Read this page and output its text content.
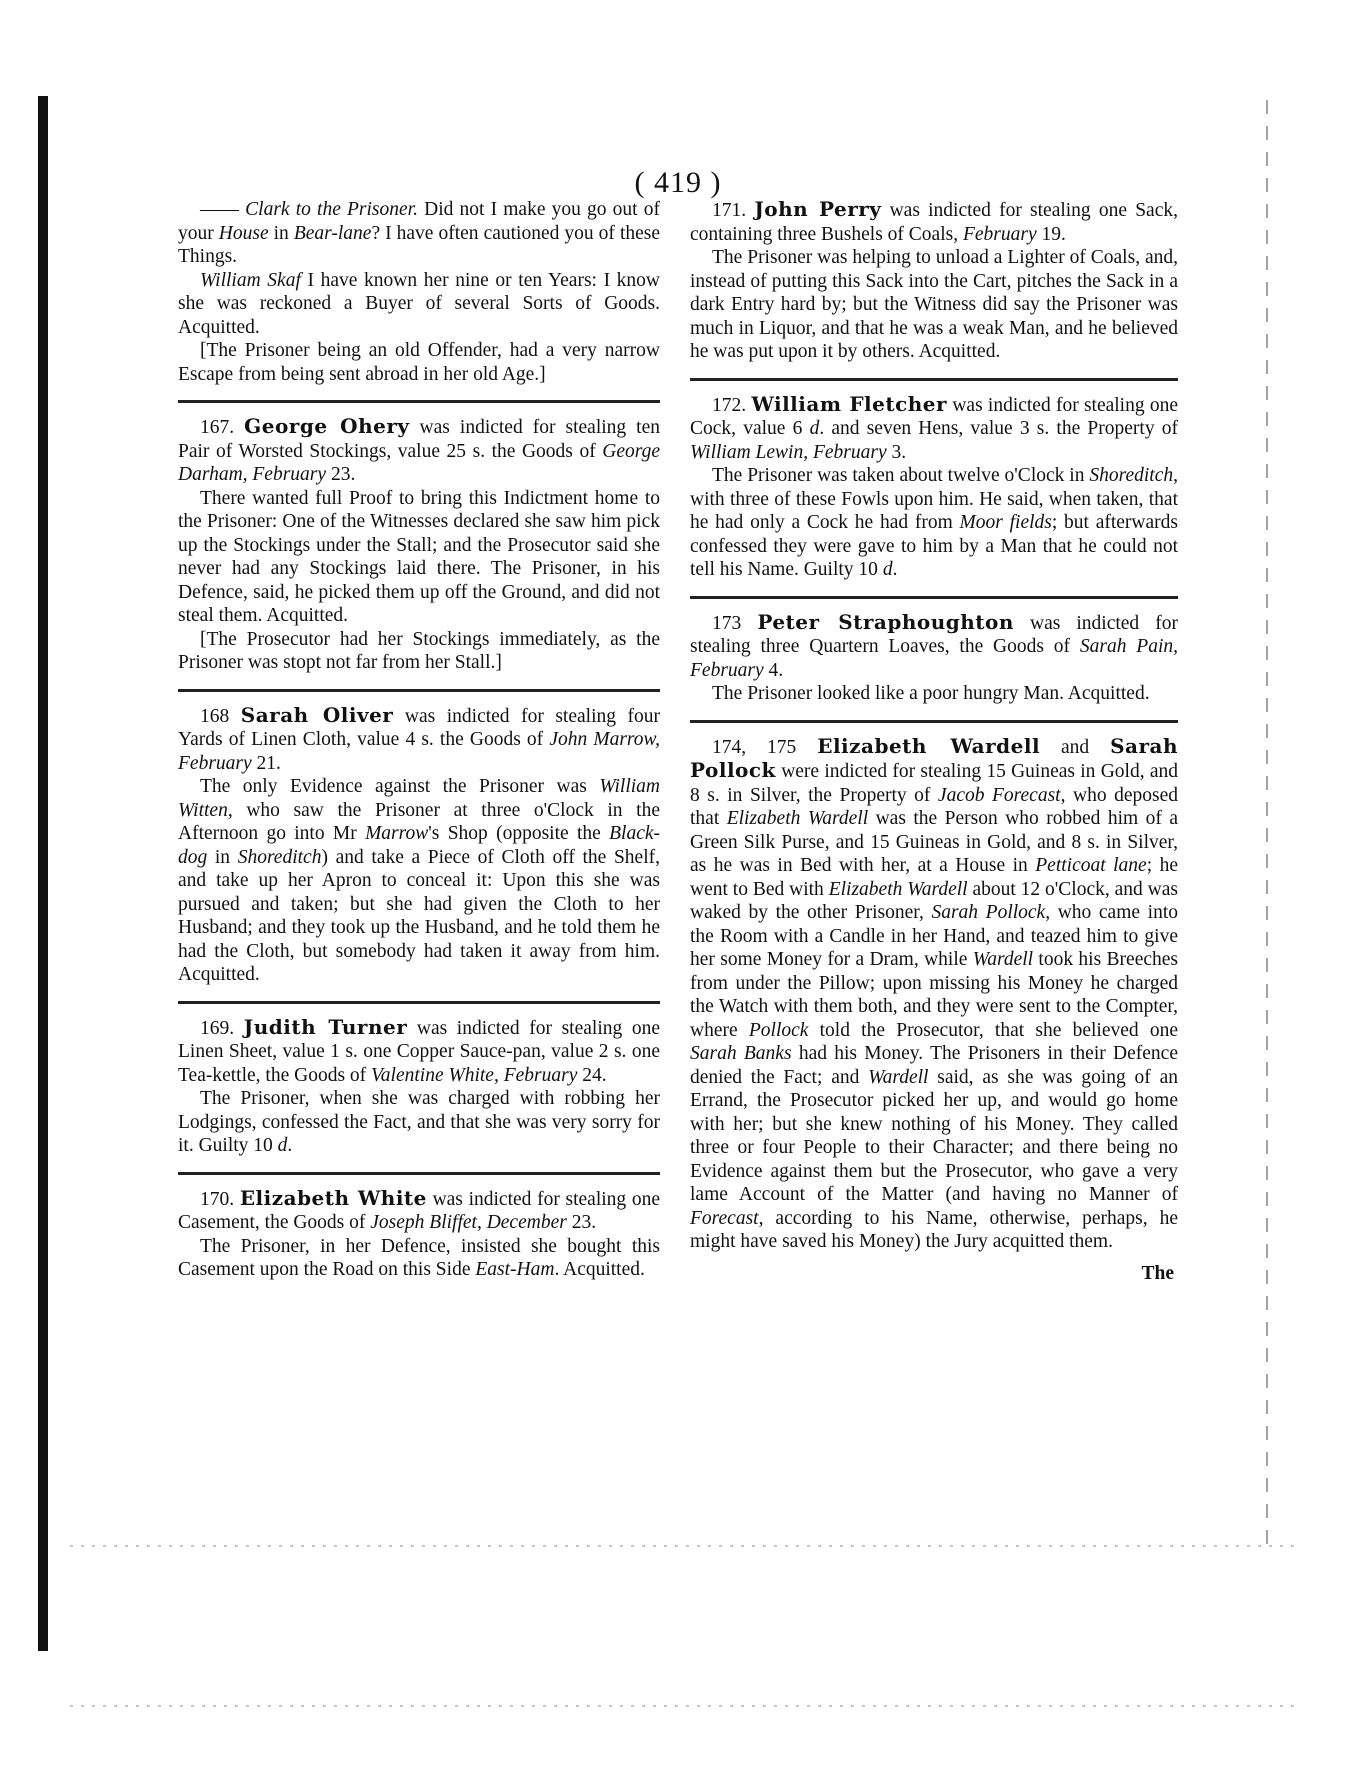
( 419 )

—— Clark to the Prisoner. Did not I make you go out of your House in Bear-lane? I have often cautioned you of these Things.

William Skaf I have known her nine or ten Years: I know she was reckoned a Buyer of several Sorts of Goods. Acquitted.

[The Prisoner being an old Offender, had a very narrow Escape from being sent abroad in her old Age.]

167. George Ohery was indicted for stealing ten Pair of Worsted Stockings, value 25 s. the Goods of George Darham, February 23.

There wanted full Proof to bring this Indictment home to the Prisoner: One of the Witnesses declared she saw him pick up the Stockings under the Stall; and the Prosecutor said she never had any Stockings laid there. The Prisoner, in his Defence, said, he picked them up off the Ground, and did not steal them. Acquitted.

[The Prosecutor had her Stockings immediately, as the Prisoner was stopt not far from her Stall.]

168 Sarah Oliver was indicted for stealing four Yards of Linen Cloth, value 4 s. the Goods of John Marrow, February 21.

The only Evidence against the Prisoner was William Witten, who saw the Prisoner at three o'Clock in the Afternoon go into Mr Marrow's Shop (opposite the Black-dog in Shoreditch) and take a Piece of Cloth off the Shelf, and take up her Apron to conceal it: Upon this she was pursued and taken; but she had given the Cloth to her Husband; and they took up the Husband, and he told them he had the Cloth, but somebody had taken it away from him. Acquitted.

169. Judith Turner was indicted for stealing one Linen Sheet, value 1 s. one Copper Sauce-pan, value 2 s. one Tea-kettle, the Goods of Valentine White, February 24.

The Prisoner, when she was charged with robbing her Lodgings, confessed the Fact, and that she was very sorry for it. Guilty 10 d.

170. Elizabeth White was indicted for stealing one Casement, the Goods of Joseph Bliffet, December 23.

The Prisoner, in her Defence, insisted she bought this Casement upon the Road on this Side East-Ham. Acquitted.

171. John Perry was indicted for stealing one Sack, containing three Bushels of Coals, February 19.

The Prisoner was helping to unload a Lighter of Coals, and, instead of putting this Sack into the Cart, pitches the Sack in a dark Entry hard by; but the Witness did say the Prisoner was much in Liquor, and that he was a weak Man, and he believed he was put upon it by others. Acquitted.

172. William Fletcher was indicted for stealing one Cock, value 6 d. and seven Hens, value 3 s. the Property of William Lewin, February 3.

The Prisoner was taken about twelve o'Clock in Shoreditch, with three of these Fowls upon him. He said, when taken, that he had only a Cock he had from Moor fields; but afterwards confessed they were gave to him by a Man that he could not tell his Name. Guilty 10 d.

173 Peter Straphoughton was indicted for stealing three Quartern Loaves, the Goods of Sarah Pain, February 4.

The Prisoner looked like a poor hungry Man. Acquitted.

174, 175 Elizabeth Wardell and Sarah Pollock were indicted for stealing 15 Guineas in Gold, and 8 s. in Silver, the Property of Jacob Forecast, who deposed that Elizabeth Wardell was the Person who robbed him of a Green Silk Purse, and 15 Guineas in Gold, and 8 s. in Silver, as he was in Bed with her, at a House in Petticoat lane; he went to Bed with Elizabeth Wardell about 12 o'Clock, and was waked by the other Prisoner, Sarah Pollock, who came into the Room with a Candle in her Hand, and teazed him to give her some Money for a Dram, while Wardell took his Breeches from under the Pillow; upon missing his Money he charged the Watch with them both, and they were sent to the Compter, where Pollock told the Prosecutor, that she believed one Sarah Banks had his Money. The Prisoners in their Defence denied the Fact; and Wardell said, as she was going of an Errand, the Prosecutor picked her up, and would go home with her; but she knew nothing of his Money. They called three or four People to their Character; and there being no Evidence against them but the Prosecutor, who gave a very lame Account of the Matter (and having no Manner of Forecast, according to his Name, otherwise, perhaps, he might have saved his Money) the Jury acquitted them.

The
